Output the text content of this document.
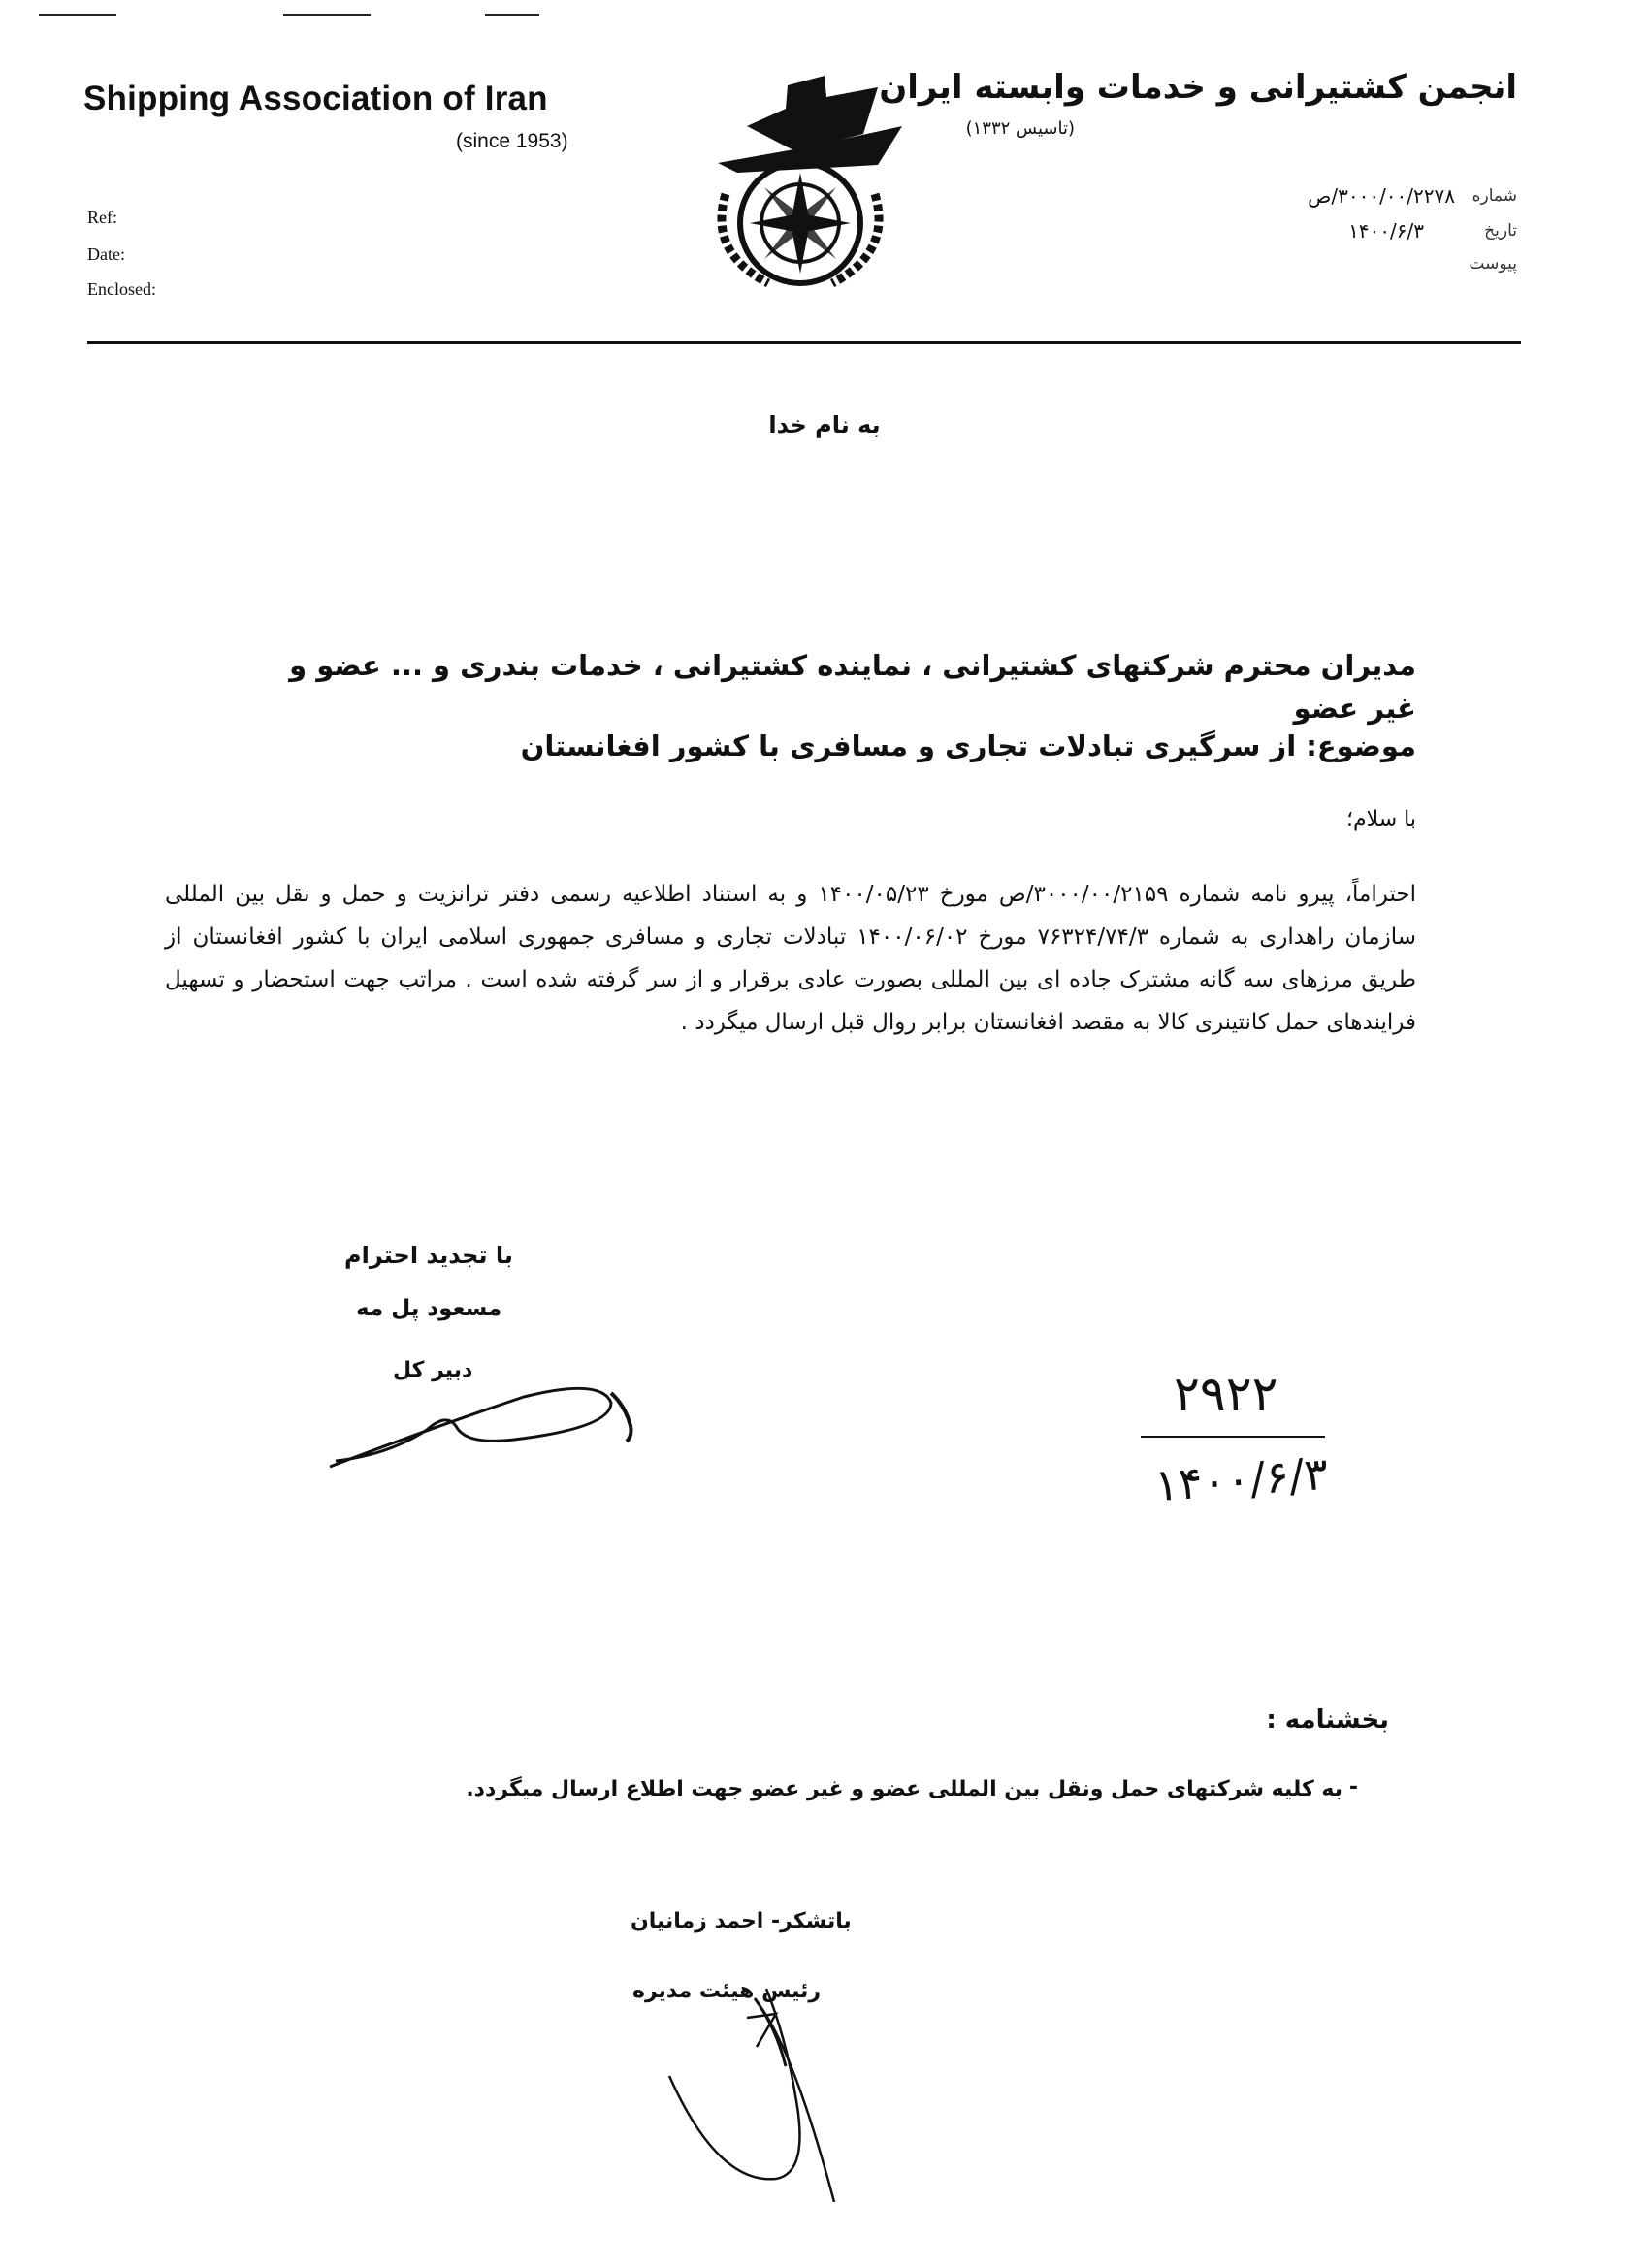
Shipping Association of Iran
(since 1953)
Ref:
Date:
Enclosed:
انجمن کشتیرانی و خدمات وابسته ایران
(تاسیس ۱۳۳۲)
شماره
۳۰۰۰/۰۰/۲۲۷۸/ص
تاریخ
۱۴۰۰/۶/۳
پیوست
به نام خدا
مدیران محترم شرکتهای کشتیرانی ، نماینده کشتیرانی ، خدمات بندری و ... عضو و غیر عضو
موضوع: از سرگیری تبادلات تجاری و مسافری با کشور افغانستان
با سلام؛
احتراماً، پیرو نامه شماره ۳۰۰۰/۰۰/۲۱۵۹/ص مورخ ۱۴۰۰/۰۵/۲۳ و به استناد اطلاعیه رسمی دفتر ترانزیت و حمل و نقل بین المللی سازمان راهداری به شماره ۷۶۳۲۴/۷۴/۳ مورخ ۱۴۰۰/۰۶/۰۲ تبادلات تجاری و مسافری جمهوری اسلامی ایران با کشور افغانستان از طریق مرزهای سه گانه مشترک جاده ای بین المللی بصورت عادی برقرار و از سر گرفته شده است . مراتب جهت استحضار و تسهیل فرایندهای حمل کانتینری کالا به مقصد افغانستان برابر روال قبل ارسال میگردد .
با تجدید احترام
مسعود پل مه
دبیر کل	۲۹۲۲
۱۴۰۰/۶/۳
بخشنامه :
-
به کلیه شرکتهای حمل ونقل بین المللی عضو و غیر عضو جهت اطلاع ارسال میگردد.
باتشکر- احمد زمانیان
رئیس هیئت مدیره
